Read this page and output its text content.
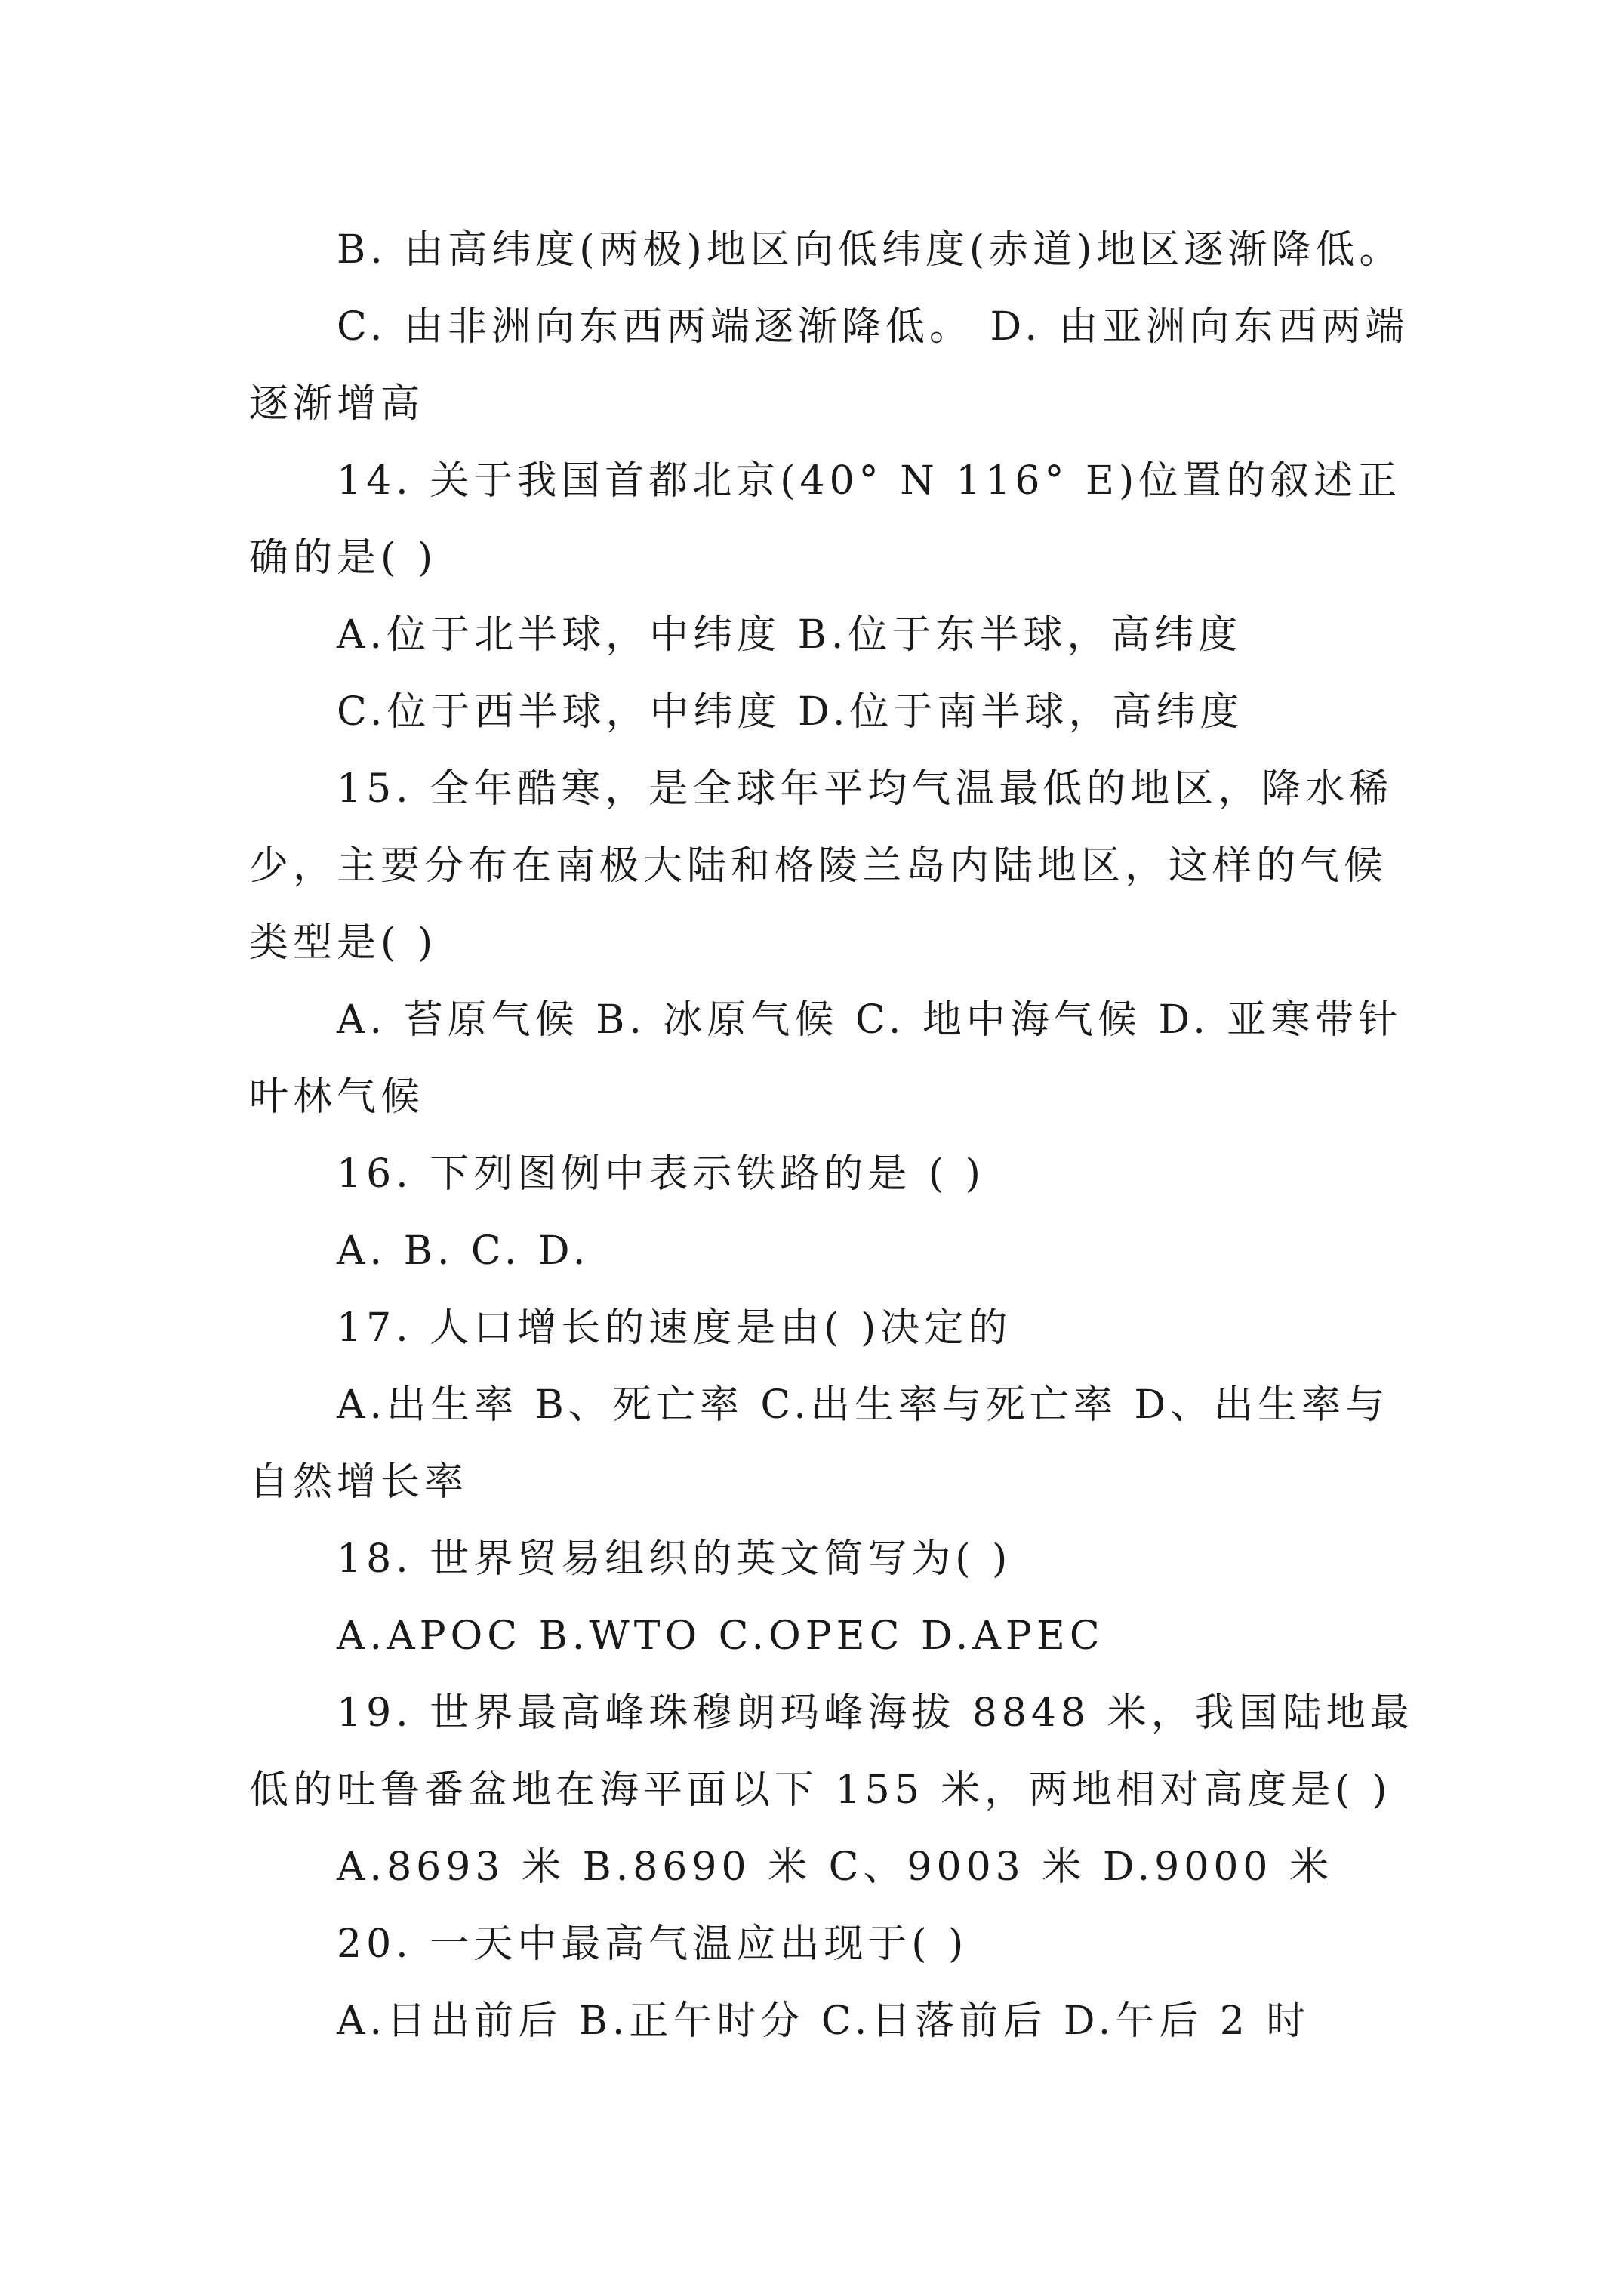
B. 由高纬度(两极)地区向低纬度(赤道)地区逐渐降低。

C. 由非洲向东西两端逐渐降低。 D. 由亚洲向东西两端逐渐增高

14. 关于我国首都北京(40° N 116° E)位置的叙述正确的是( )

A.位于北半球，中纬度 B.位于东半球，高纬度

C.位于西半球，中纬度 D.位于南半球，高纬度

15. 全年酷寒，是全球年平均气温最低的地区，降水稀少，主要分布在南极大陆和格陵兰岛内陆地区，这样的气候类型是( )

A. 苔原气候 B. 冰原气候 C. 地中海气候 D. 亚寒带针叶林气候

16. 下列图例中表示铁路的是 ( )

A. B. C. D.

17. 人口增长的速度是由( )决定的

A.出生率 B、死亡率 C.出生率与死亡率 D、出生率与自然增长率

18. 世界贸易组织的英文简写为( )

A.APOC B.WTO C.OPEC D.APEC

19. 世界最高峰珠穆朗玛峰海拔 8848 米，我国陆地最低的吐鲁番盆地在海平面以下 155 米，两地相对高度是( )

A.8693 米 B.8690 米 C、9003 米 D.9000 米

20. 一天中最高气温应出现于( )

A.日出前后 B.正午时分 C.日落前后 D.午后 2 时
